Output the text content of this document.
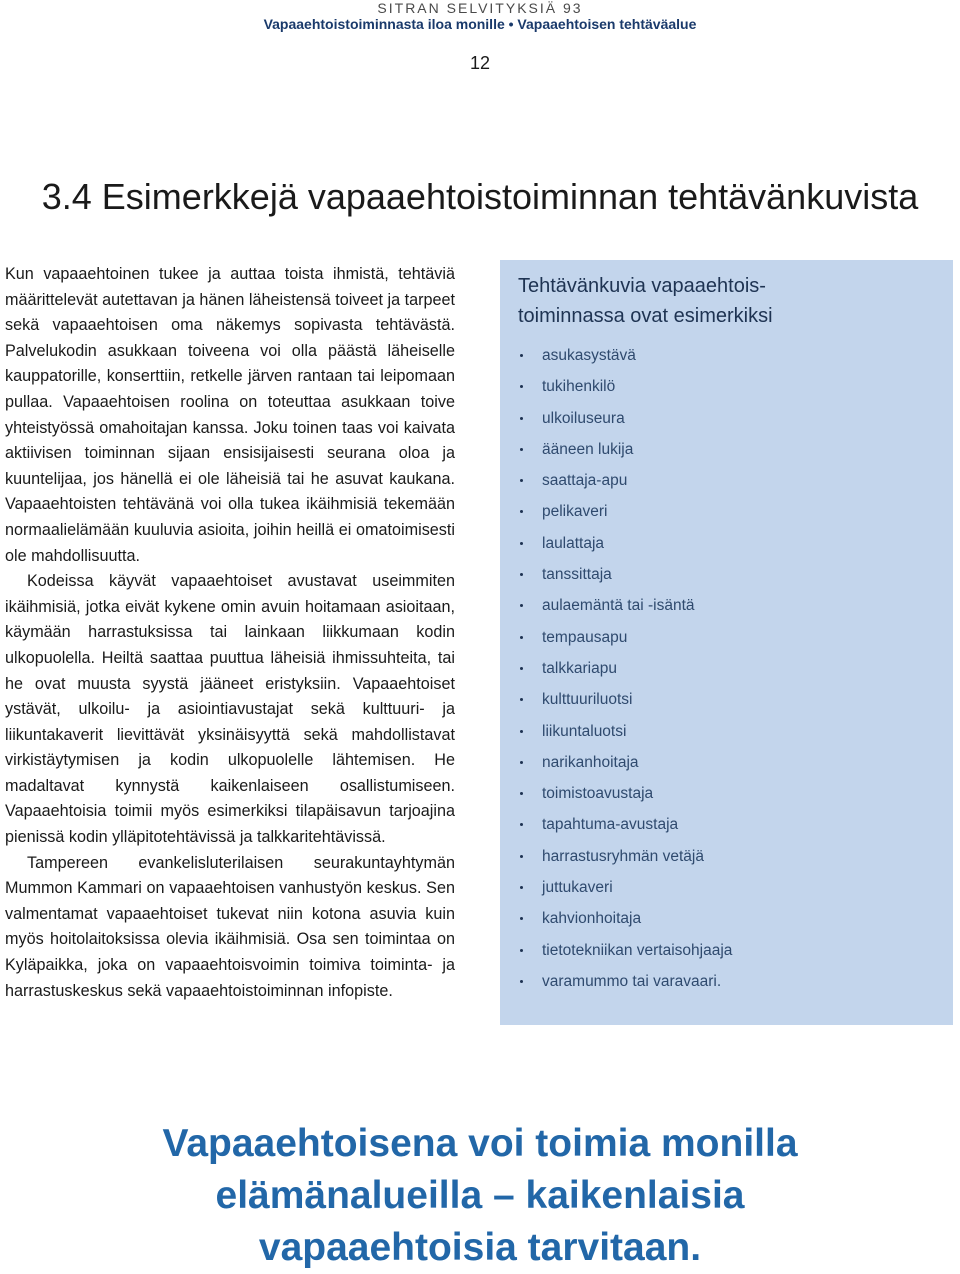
SITRAN SELVITYKSIÄ 93
Vapaaehtoistoiminnasta iloa monille • Vapaaehtoisen tehtäväalue
12
3.4 Esimerkkejä vapaaehtoistoiminnan tehtävänkuvista

Kun vapaaehtoinen tukee ja auttaa toista ihmistä, tehtäviä määrittelevät autettavan ja hänen läheistensä toiveet ja tarpeet sekä vapaaehtoisen oma näkemys sopivasta tehtävästä. Palvelukodin asukkaan toiveena voi olla päästä läheiselle kauppatorille, konserttiin, retkelle järven rantaan tai leipomaan pullaa. Vapaaehtoisen roolina on toteuttaa asukkaan toive yhteistyössä omahoitajan kanssa. Joku toinen taas voi kaivata aktiivisen toiminnan sijaan ensisijaisesti seurana oloa ja kuuntelijaa, jos hänellä ei ole läheisiä tai he asuvat kaukana. Vapaaehtoisten tehtävänä voi olla tukea ikäihmisiä tekemään normaalielämään kuuluvia asioita, joihin heillä ei omatoimisesti ole mahdollisuutta.

Kodeissa käyvät vapaaehtoiset avustavat useimmiten ikäihmisiä, jotka eivät kykene omin avuin hoitamaan asioitaan, käymään harrastuksissa tai lainkaan liikkumaan kodin ulkopuolella. Heiltä saattaa puuttua läheisiä ihmissuhteita, tai he ovat muusta syystä jääneet eristyksiin. Vapaaehtoiset ystävät, ulkoilu- ja asiointiavustajat sekä kulttuuri- ja liikuntakaverit lievittävät yksinäisyyttä sekä mahdollistavat virkistäytymisen ja kodin ulkopuolelle lähtemisen. He madaltavat kynnystä kaikenlaiseen osallistumiseen. Vapaaehtoisia toimii myös esimerkiksi tilapäisavun tarjoajina pienissä kodin ylläpitotehtävissä ja talkkaritehtävissä.

Tampereen evankelisluterilaisen seurakuntayhtymän Mummon Kammari on vapaaehtoisen vanhustyön keskus. Sen valmentamat vapaaehtoiset tukevat niin kotona asuvia kuin myös hoitolaitoksissa olevia ikäihmisiä. Osa sen toimintaa on Kyläpaikka, joka on vapaaehtoisvoimin toimiva toiminta- ja harrastuskeskus sekä vapaaehtoistoiminnan infopiste.

Tehtävänkuvia vapaaehtois-
toiminnassa ovat esimerkiksi
asukasystävä
tukihenkilö
ulkoiluseura
ääneen lukija
saattaja-apu
pelikaveri
laulattaja
tanssittaja
aulaemäntä tai -isäntä
tempausapu
talkkariapu
kulttuuriluotsi
liikuntaluotsi
narikanhoitaja
toimistoavustaja
tapahtuma-avustaja
harrastusryhmän vetäjä
juttukaveri
kahvionhoitaja
tietotekniikan vertaisohjaaja
varamummo tai varavaari.
Vapaaehtoisena voi toimia monilla
elämänalueilla – kaikenlaisia
vapaaehtoisia tarvitaan.
